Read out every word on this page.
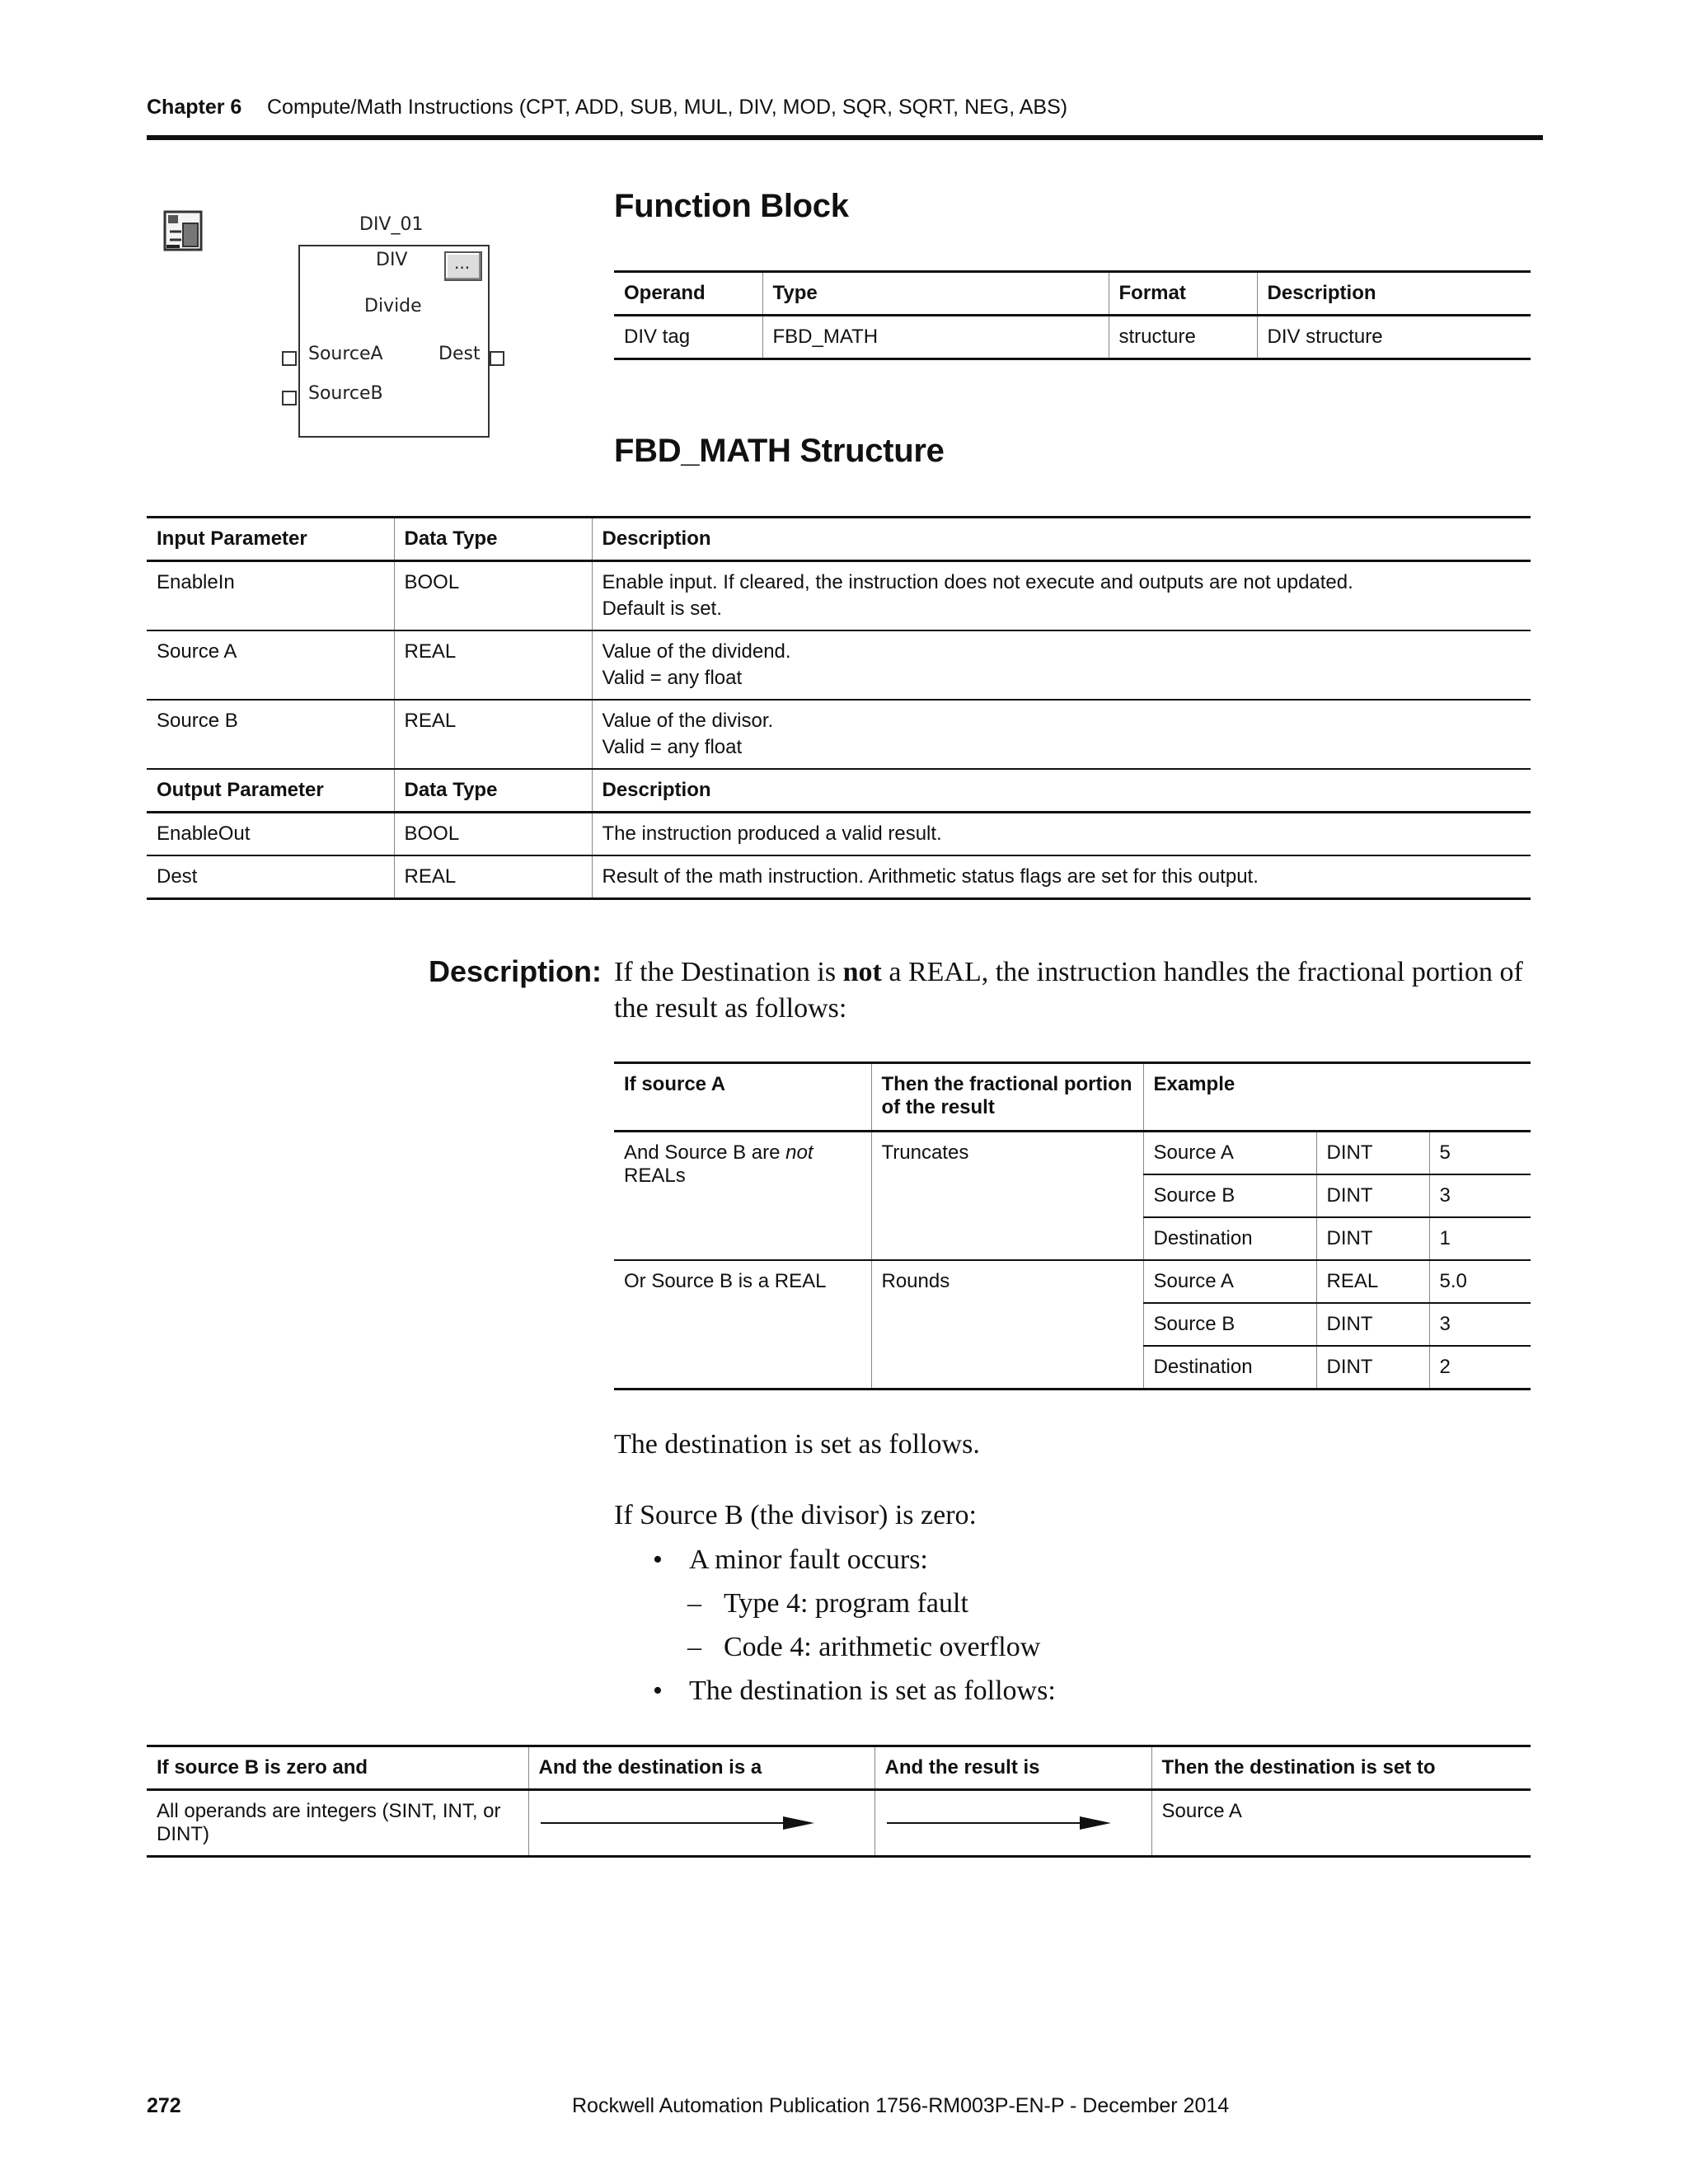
Chapter 6 Compute/Math Instructions (CPT, ADD, SUB, MUL, DIV, MOD, SQR, SQRT, NEG, ABS)
DIV_01
DIV	...
Divide
SourceA	Dest
SourceB
Function Block
Operand	Type	Format	Description
DIV tag	FBD_MATH	structure	DIV structure
FBD_MATH Structure
Input Parameter	Data Type	Description
EnableIn	BOOL	Enable input. If cleared, the instruction does not execute and outputs are not updated.
Default is set.

Source A	REAL	Value of the dividend.
Valid = any float

Source B	REAL	Value of the divisor.
Valid = any float

Output Parameter	Data Type	Description
EnableOut	BOOL	The instruction produced a valid result.
Dest	REAL	Result of the math instruction. Arithmetic status flags are set for this output.
Description: If the Destination is not a REAL, the instruction handles the fractional portion of the result as follows:
If source A	Then the fractional portion of the result	Example		
And Source B are not REALs	Truncates	Source A	DINT	5
		Source B	DINT	3
		Destination	DINT	1
Or Source B is a REAL	Rounds	Source A	REAL	5.0
		Source B	DINT	3
		Destination	DINT	2
The destination is set as follows.
If Source B (the divisor) is zero:
• A minor fault occurs:
– Type 4: program fault
– Code 4: arithmetic overflow
• The destination is set as follows:
If source B is zero and	And the destination is a	And the result is	Then the destination is set to
All operands are integers (SINT, INT, or DINT)			Source A
272	Rockwell Automation Publication 1756-RM003P-EN-P - December 2014
